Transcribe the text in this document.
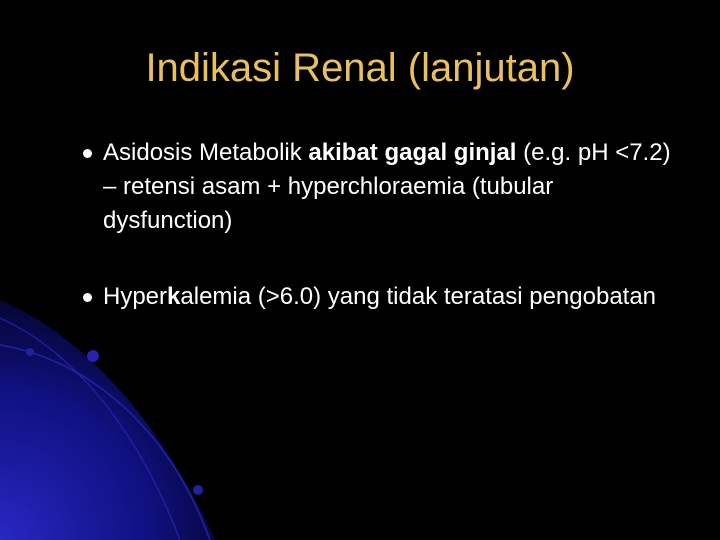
Indikasi Renal (lanjutan)
Asidosis Metabolik akibat gagal ginjal (e.g. pH <7.2) – retensi asam + hyperchloraemia (tubular dysfunction)
Hyperkalemia (>6.0) yang tidak teratasi pengobatan
